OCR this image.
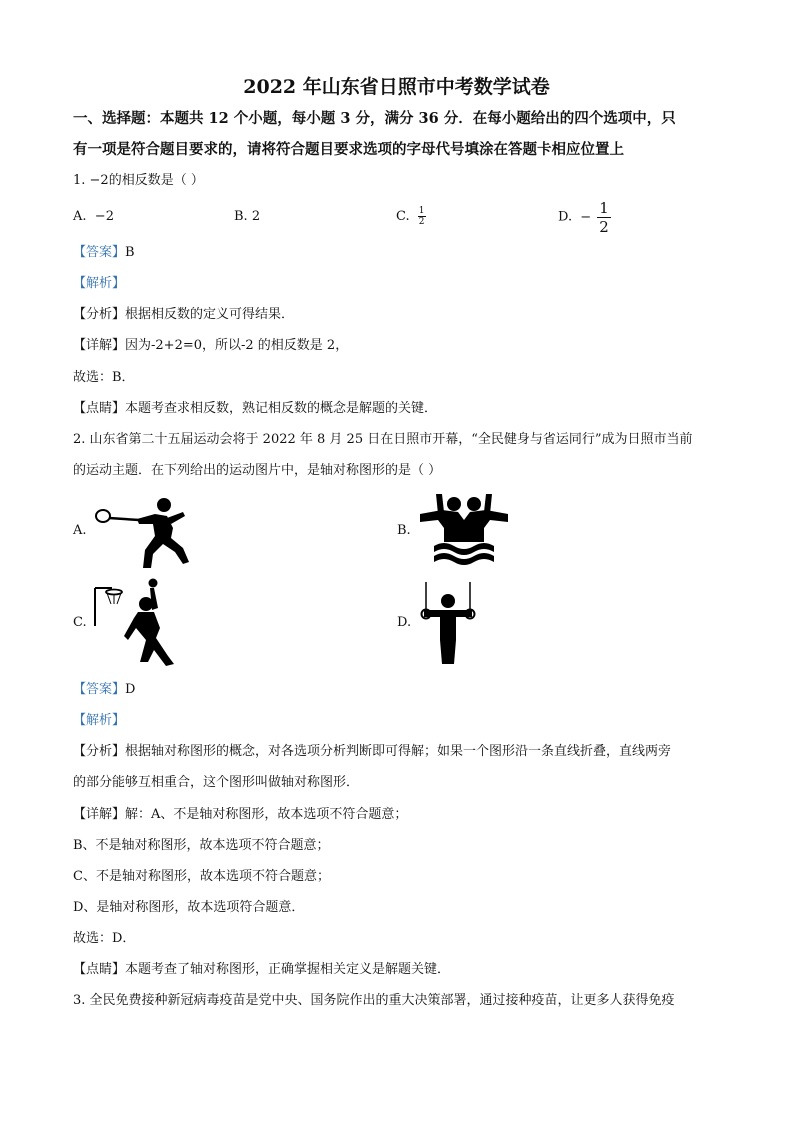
2022 年山东省日照市中考数学试卷
一、选择题：本题共 12 个小题，每小题 3 分，满分 36 分．在每小题给出的四个选项中，只
有一项是符合题目要求的，请将符合题目要求选项的字母代号填涂在答题卡相应位置上
1. −2的相反数是（ ）
A. −2	B. 2	C. $\frac{1}{2}$	D. − $\frac{1}{2}$
【答案】B
【解析】
【分析】根据相反数的定义可得结果．
【详解】因为-2+2=0，所以-2 的相反数是 2，
故选：B．
【点睛】本题考查求相反数，熟记相反数的概念是解题的关键．
2. 山东省第二十五届运动会将于 2022 年 8 月 25 日在日照市开幕，“全民健身与省运同行”成为日照市当前
的运动主题．在下列给出的运动图片中，是轴对称图形的是（ ）
A.	B.
C.	D.
【答案】D
【解析】
【分析】根据轴对称图形的概念，对各选项分析判断即可得解；如果一个图形沿一条直线折叠，直线两旁
的部分能够互相重合，这个图形叫做轴对称图形．
【详解】解：A、不是轴对称图形，故本选项不符合题意；
B、不是轴对称图形，故本选项不符合题意；
C、不是轴对称图形，故本选项不符合题意；
D、是轴对称图形，故本选项符合题意．
故选：D．
【点睛】本题考查了轴对称图形，正确掌握相关定义是解题关键．
3. 全民免费接种新冠病毒疫苗是党中央、国务院作出的重大决策部署，通过接种疫苗，让更多人获得免疫
